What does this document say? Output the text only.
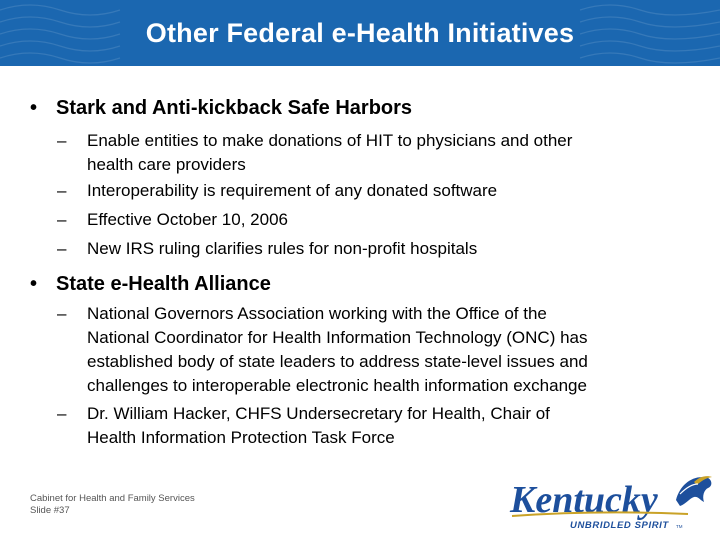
Other Federal e-Health Initiatives
• Stark and Anti-kickback Safe Harbors
– Enable entities to make donations of HIT to physicians and other
health care providers
– Interoperability is requirement of any donated software
– Effective October 10, 2006
– New IRS ruling clarifies rules for non-profit hospitals
• State e-Health Alliance
– National Governors Association working with the Office of the
National Coordinator for Health Information Technology (ONC) has
established body of state leaders to address state-level issues and
challenges to interoperable electronic health information exchange
– Dr. William Hacker, CHFS Undersecretary for Health, Chair of
Health Information Protection Task Force
Cabinet for Health and Family Services
Slide #37	Kentucky
UNBRIDLED SPIRIT TM
